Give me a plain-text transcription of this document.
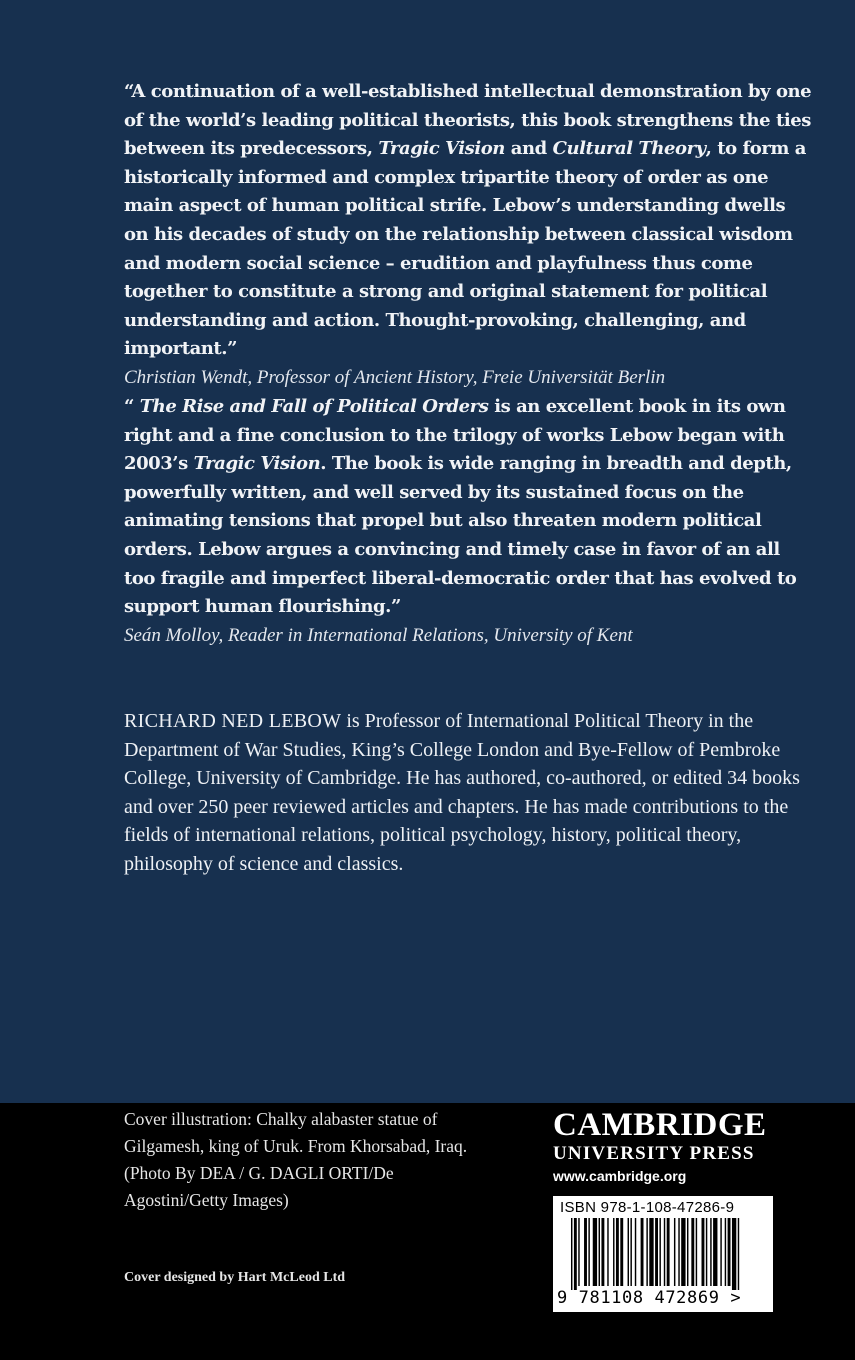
“A continuation of a well-established intellectual demonstration by one of the world’s leading political theorists, this book strengthens the ties between its predecessors, Tragic Vision and Cultural Theory, to form a historically informed and complex tripartite theory of order as one main aspect of human political strife. Lebow’s understanding dwells on his decades of study on the relationship between classical wisdom and modern social science – erudition and playfulness thus come together to constitute a strong and original statement for political understanding and action. Thought-provoking, challenging, and important.”
Christian Wendt, Professor of Ancient History, Freie Universität Berlin
“ The Rise and Fall of Political Orders is an excellent book in its own right and a fine conclusion to the trilogy of works Lebow began with 2003’s Tragic Vision. The book is wide ranging in breadth and depth, powerfully written, and well served by its sustained focus on the animating tensions that propel but also threaten modern political orders. Lebow argues a convincing and timely case in favor of an all too fragile and imperfect liberal-democratic order that has evolved to support human flourishing.”
Seán Molloy, Reader in International Relations, University of Kent
RICHARD NED LEBOW is Professor of International Political Theory in the Department of War Studies, King’s College London and Bye-Fellow of Pembroke College, University of Cambridge. He has authored, co-authored, or edited 34 books and over 250 peer reviewed articles and chapters. He has made contributions to the fields of international relations, political psychology, history, political theory, philosophy of science and classics.
Cover illustration: Chalky alabaster statue of Gilgamesh, king of Uruk. From Khorsabad, Iraq. (Photo By DEA / G. DAGLI ORTI/De Agostini/Getty Images)
Cover designed by Hart McLeod Ltd
CAMBRIDGE
UNIVERSITY PRESS
www.cambridge.org
ISBN 978-1-108-47286-9
9 781108 472869 >
